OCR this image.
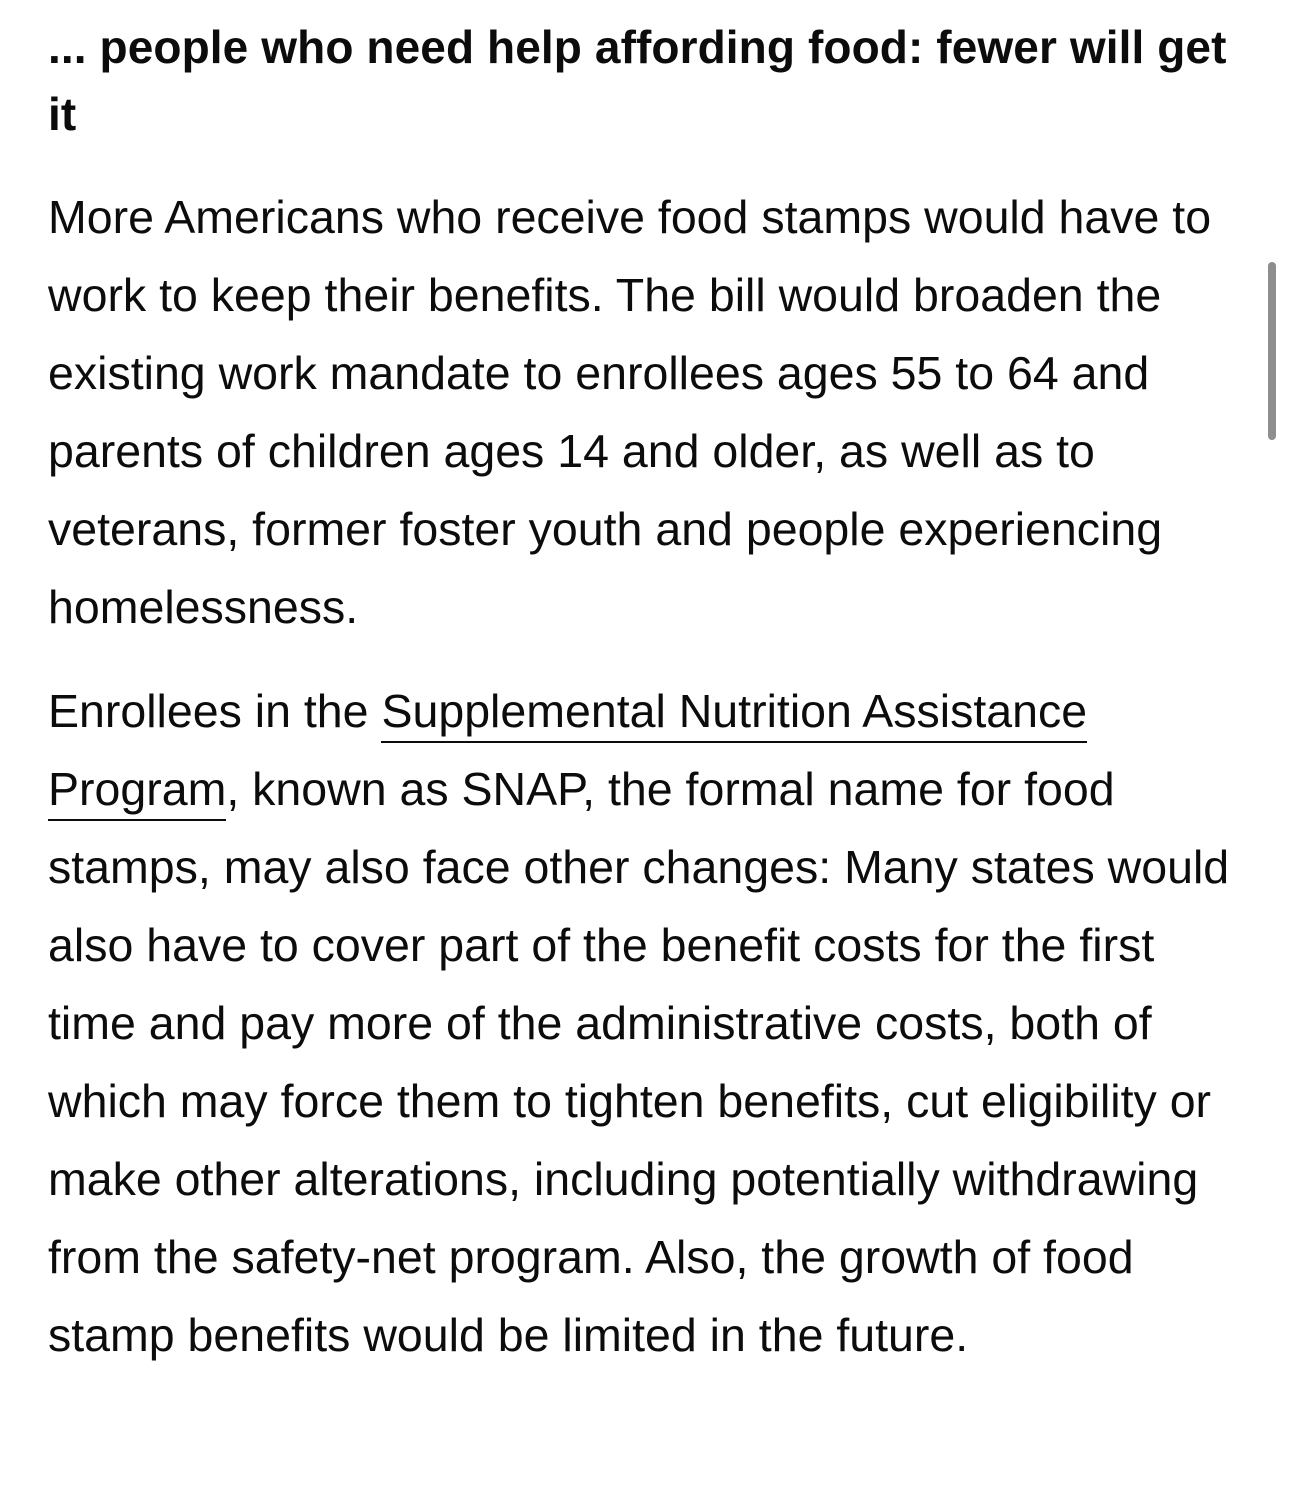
... people who need help affording food: fewer will get it

More Americans who receive food stamps would have to work to keep their benefits. The bill would broaden the existing work mandate to enrollees ages 55 to 64 and parents of children ages 14 and older, as well as to veterans, former foster youth and people experiencing homelessness.

Enrollees in the Supplemental Nutrition Assistance Program, known as SNAP, the formal name for food stamps, may also face other changes: Many states would also have to cover part of the benefit costs for the first time and pay more of the administrative costs, both of which may force them to tighten benefits, cut eligibility or make other alterations, including potentially withdrawing from the safety-net program. Also, the growth of food stamp benefits would be limited in the future.
